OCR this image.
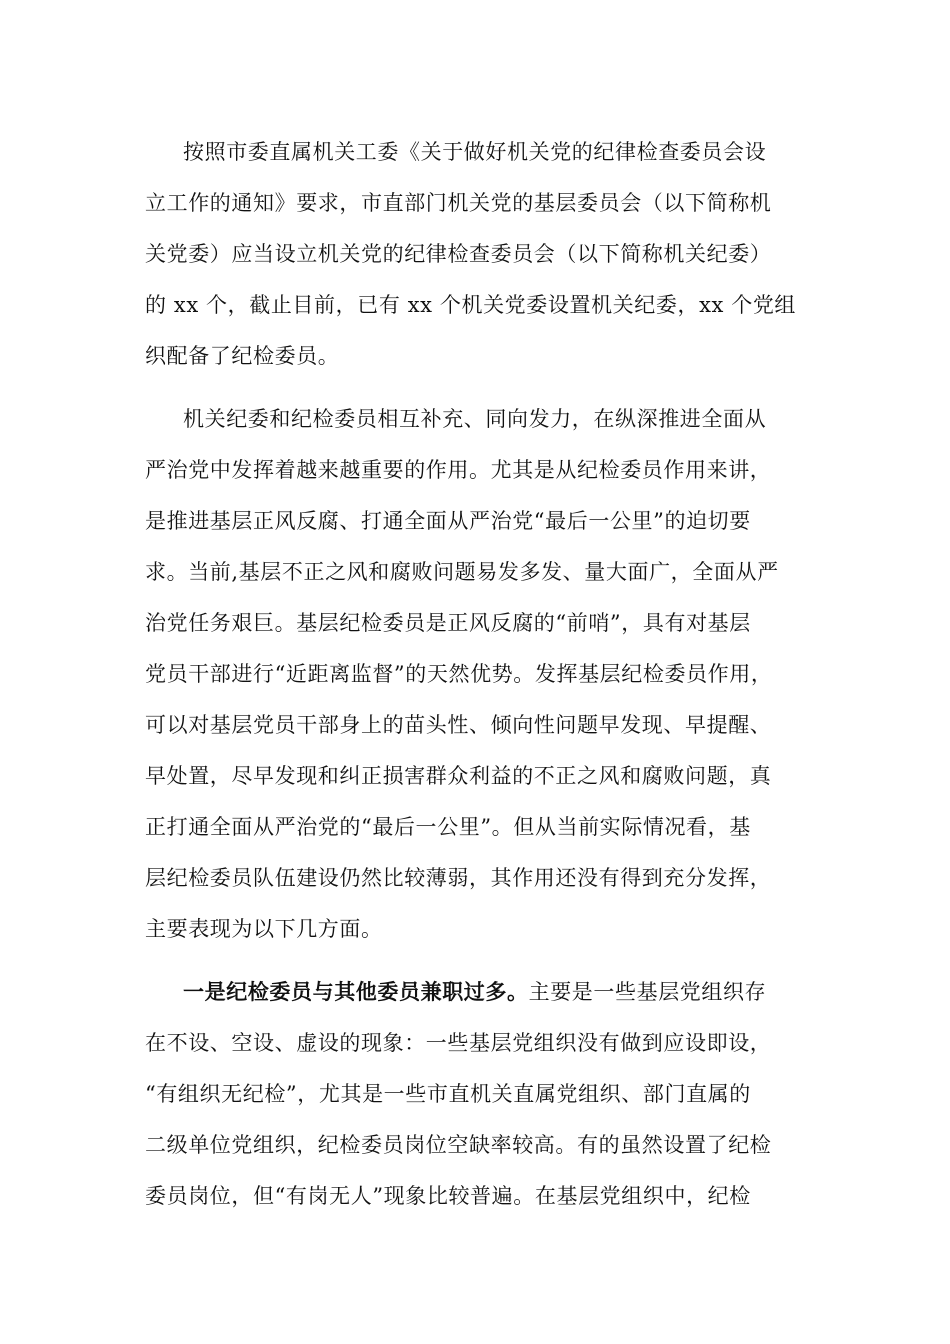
按照市委直属机关工委《关于做好机关党的纪律检查委员会设
立工作的通知》要求，市直部门机关党的基层委员会（以下简称机
关党委）应当设立机关党的纪律检查委员会（以下简称机关纪委）
的 xx 个，截止目前，已有 xx 个机关党委设置机关纪委，xx 个党组
织配备了纪检委员。
机关纪委和纪检委员相互补充、同向发力，在纵深推进全面从
严治党中发挥着越来越重要的作用。尤其是从纪检委员作用来讲，
是推进基层正风反腐、打通全面从严治党“最后一公里”的迫切要
求。当前,基层不正之风和腐败问题易发多发、量大面广，全面从严
治党任务艰巨。基层纪检委员是正风反腐的“前哨”，具有对基层
党员干部进行“近距离监督”的天然优势。发挥基层纪检委员作用，
可以对基层党员干部身上的苗头性、倾向性问题早发现、早提醒、
早处置，尽早发现和纠正损害群众利益的不正之风和腐败问题，真
正打通全面从严治党的“最后一公里”。但从当前实际情况看，基
层纪检委员队伍建设仍然比较薄弱，其作用还没有得到充分发挥，
主要表现为以下几方面。
一是纪检委员与其他委员兼职过多。主要是一些基层党组织存
在不设、空设、虚设的现象：一些基层党组织没有做到应设即设，
“有组织无纪检”，尤其是一些市直机关直属党组织、部门直属的
二级单位党组织，纪检委员岗位空缺率较高。有的虽然设置了纪检
委员岗位，但“有岗无人”现象比较普遍。在基层党组织中，纪检
